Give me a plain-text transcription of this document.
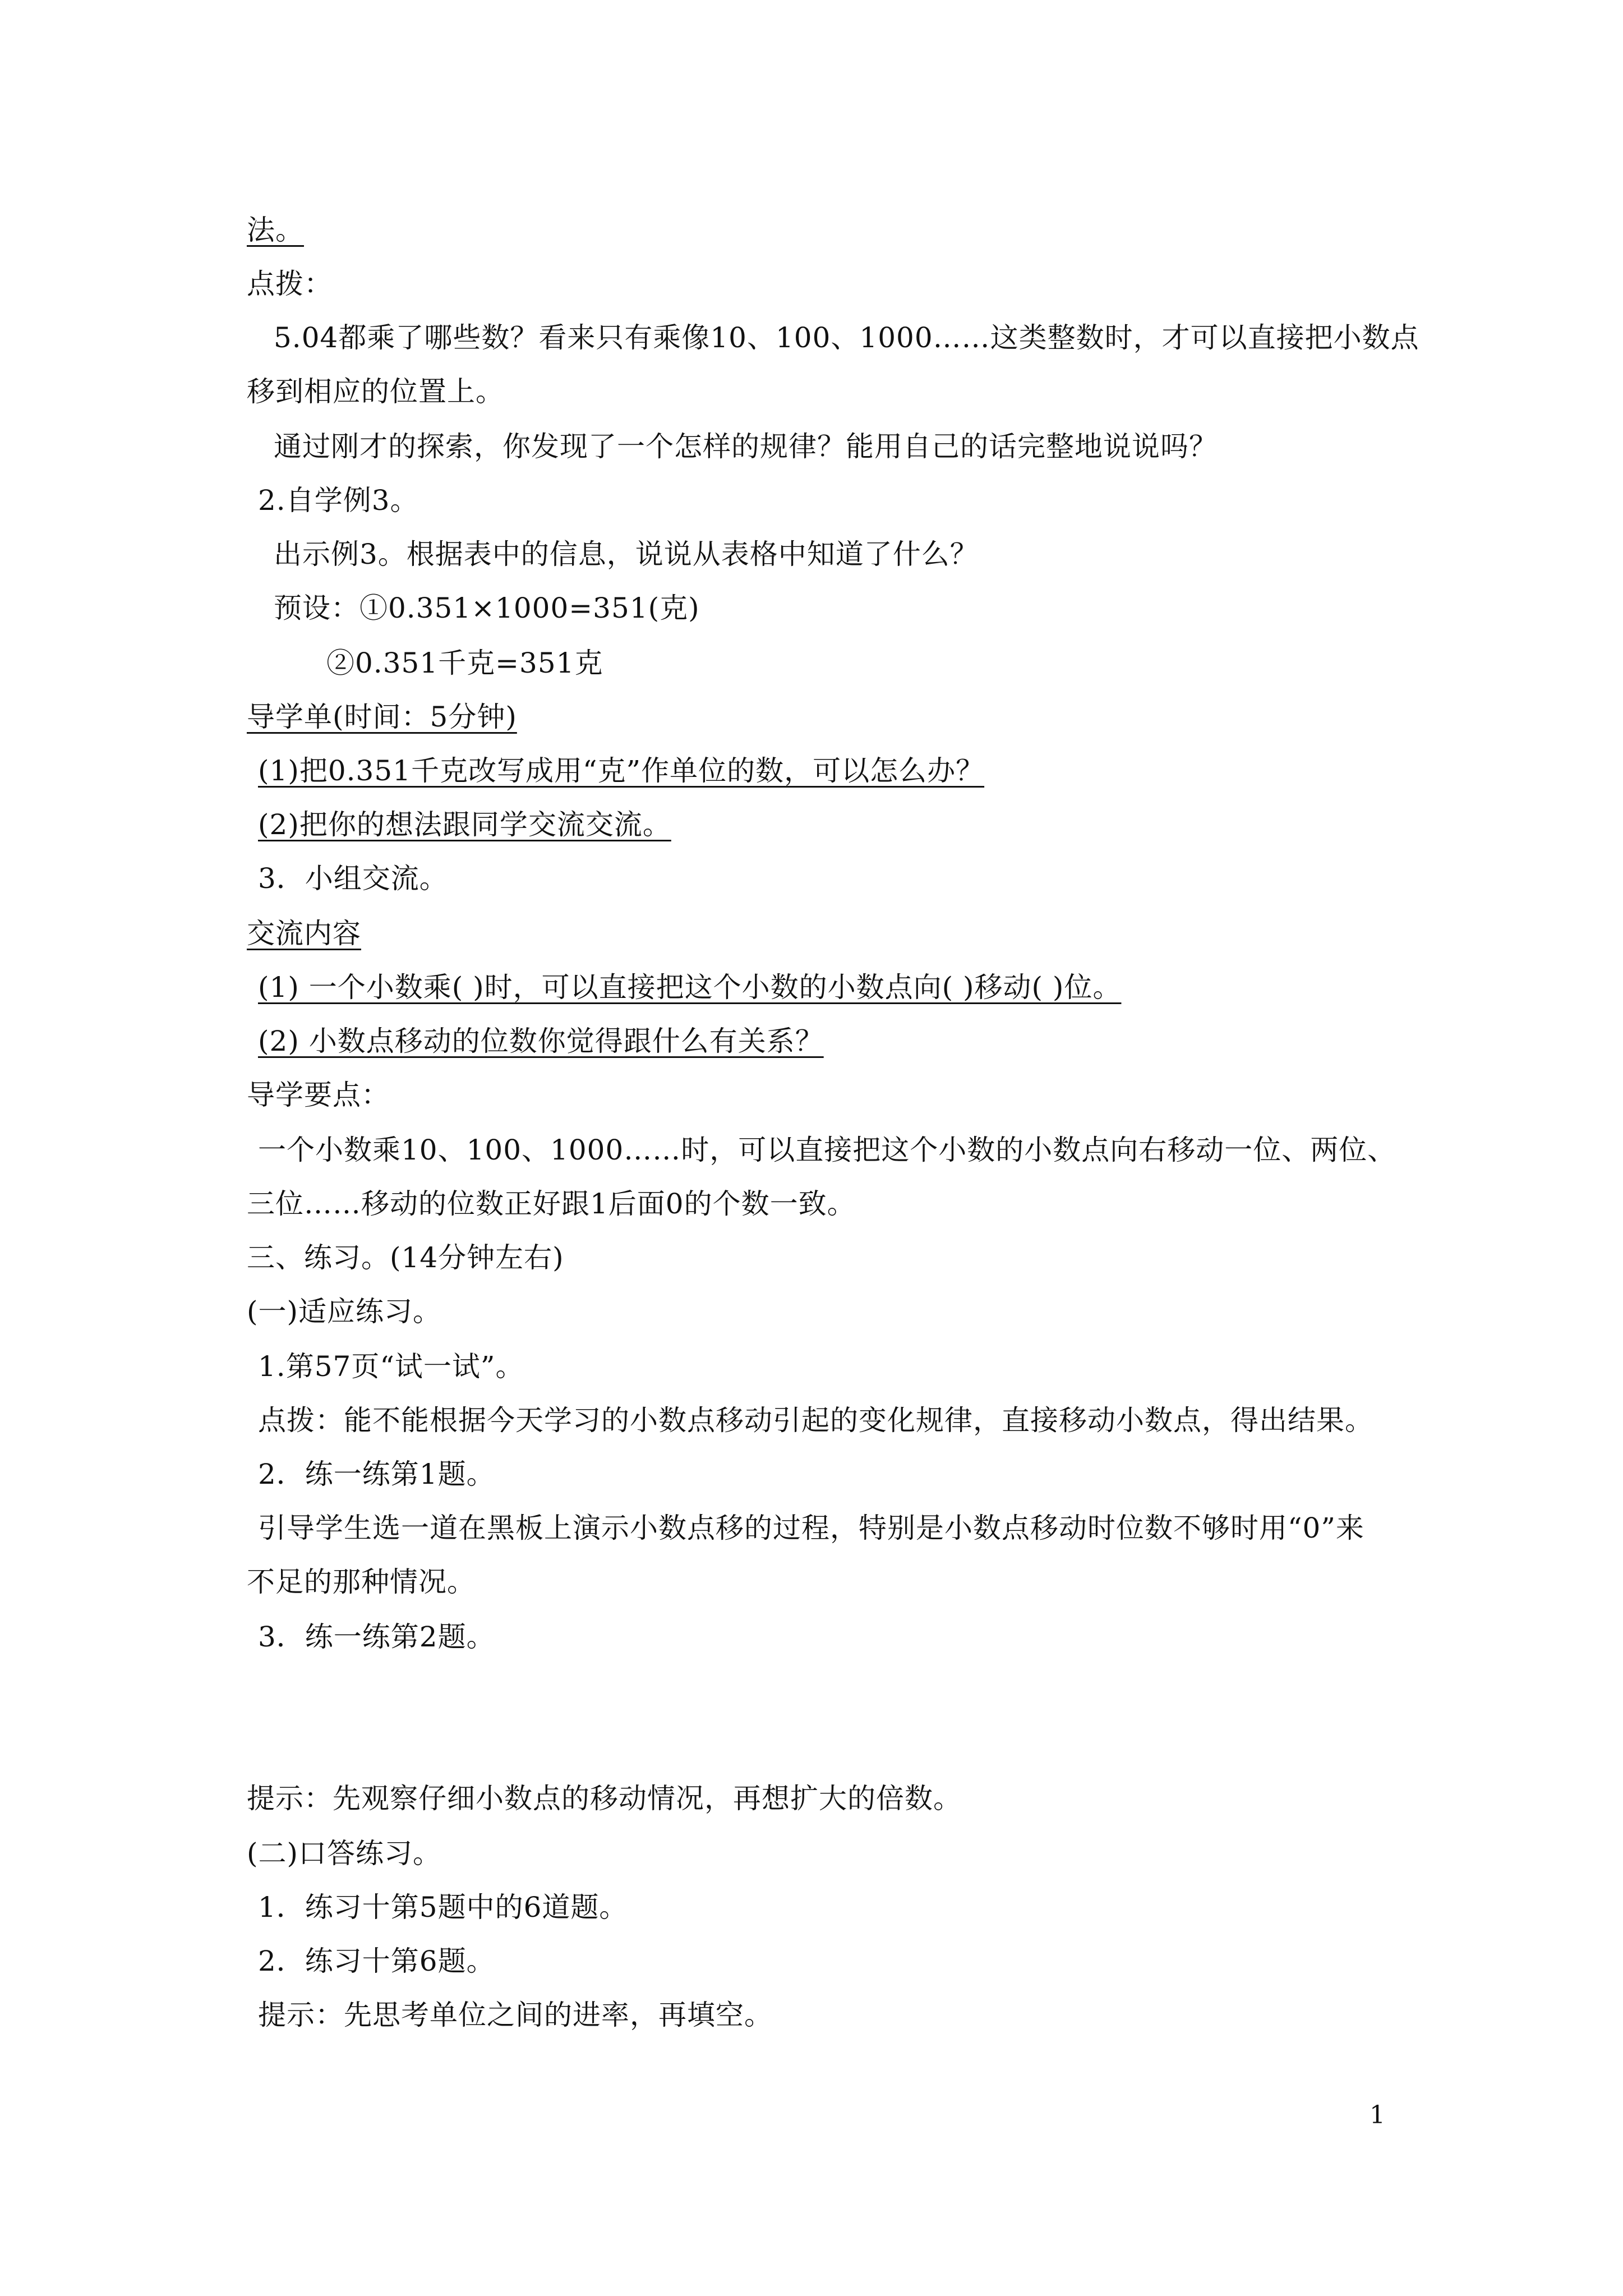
法。
点拨：
5.04都乘了哪些数？看来只有乘像10、100、1000……这类整数时，才可以直接把小数点
移到相应的位置上。
通过刚才的探索，你发现了一个怎样的规律？能用自己的话完整地说说吗？
2.自学例3。
出示例3。根据表中的信息，说说从表格中知道了什么？
预设：①0.351×1000=351(克)
②0.351千克=351克
导学单(时间：5分钟)
(1)把0.351千克改写成用“克”作单位的数，可以怎么办？
(2)把你的想法跟同学交流交流。
3．小组交流。
交流内容
(1) 一个小数乘( )时，可以直接把这个小数的小数点向( )移动( )位。
(2) 小数点移动的位数你觉得跟什么有关系？
导学要点：
一个小数乘10、100、1000……时，可以直接把这个小数的小数点向右移动一位、两位、
三位……移动的位数正好跟1后面0的个数一致。
三、练习。(14分钟左右)
(一)适应练习。
1.第57页“试一试”。
点拨：能不能根据今天学习的小数点移动引起的变化规律，直接移动小数点，得出结果。
2．练一练第1题。
引导学生选一道在黑板上演示小数点移的过程，特别是小数点移动时位数不够时用“0”来
不足的那种情况。
3．练一练第2题。
提示：先观察仔细小数点的移动情况，再想扩大的倍数。
(二)口答练习。
1．练习十第5题中的6道题。
2．练习十第6题。
提示：先思考单位之间的进率，再填空。
1
